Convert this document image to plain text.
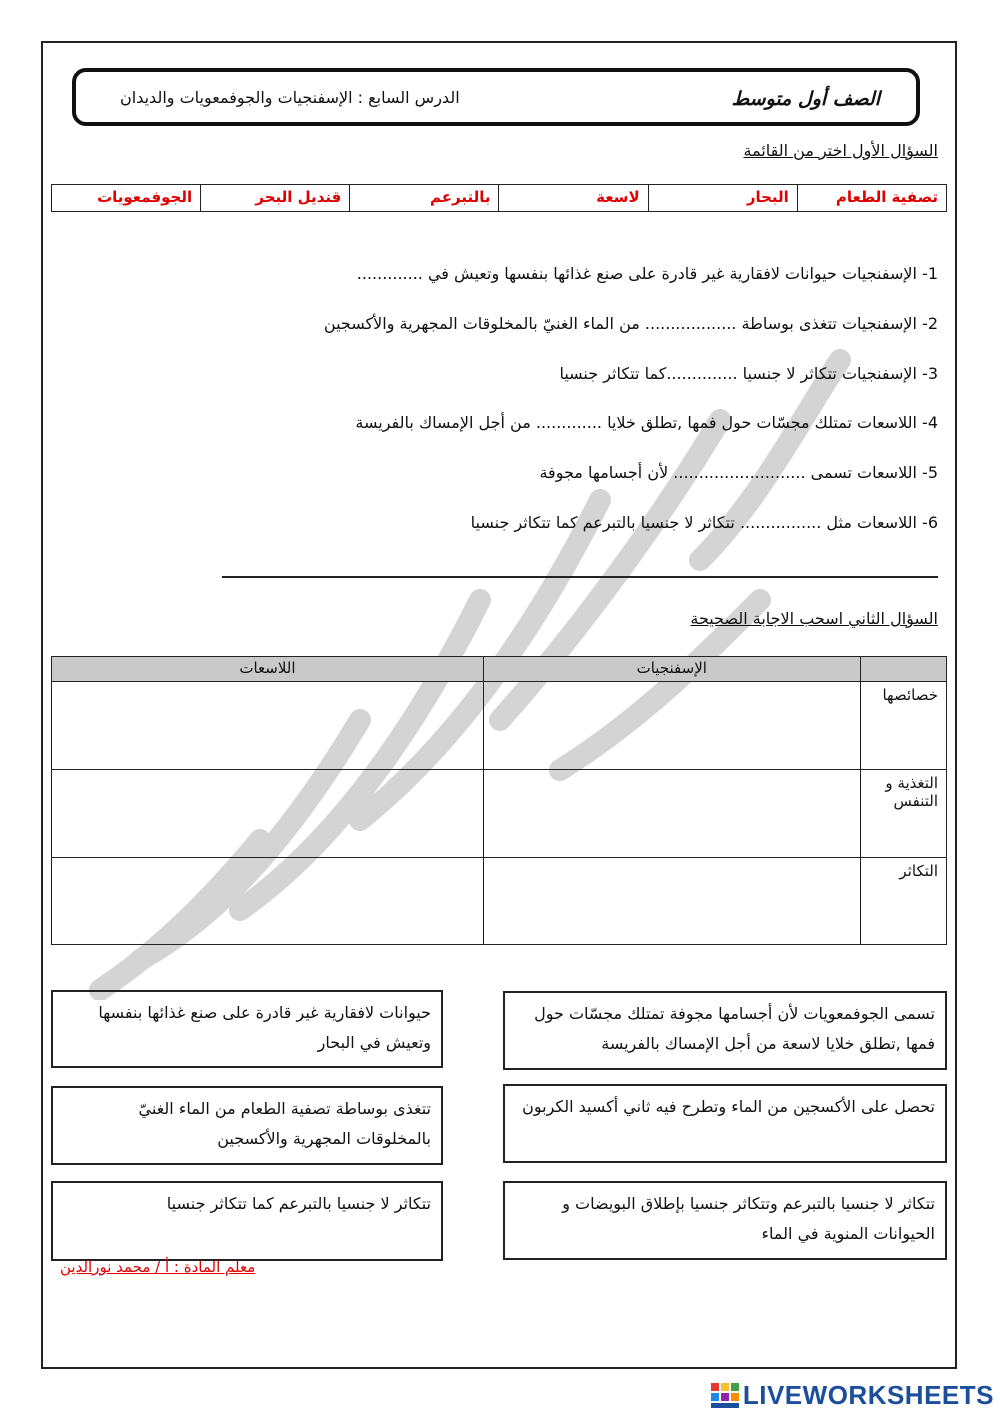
الصف أول متوسط
الدرس السابع : الإسفنجيات والجوفمعويات والديدان
السؤال الأول اختر من القائمة
تصفية الطعام
البحار
لاسعة
بالتبرعم
قنديل البحر
الجوفمعويات
1- الإسفنجيات حيوانات لافقارية غير قادرة على صنع غذائها بنفسها وتعيش في .............
2- الإسفنجيات تتغذى بوساطة .................. من الماء الغنيّ بالمخلوقات المجهرية والأكسجين
3- الإسفنجيات تتكاثر لا جنسيا ..............كما تتكاثر جنسيا
4- اللاسعات تمتلك مجسّات حول فمها ,تطلق خلايا ............. من أجل الإمساك بالفريسة
5- اللاسعات تسمى .......................... لأن أجسامها مجوفة
6- اللاسعات مثل ................ تتكاثر لا جنسيا بالتبرعم كما تتكاثر جنسيا
السؤال الثاني اسحب الاجابة الصحيحة
	الإسفنجيات	اللاسعات
خصائصها		
التغذية و التنفس		
التكاثر		
حيوانات لافقارية غير قادرة على صنع غذائها بنفسها وتعيش في البحار
تتغذى بوساطة تصفية الطعام من الماء الغنيّ بالمخلوقات المجهرية والأكسجين
تتكاثر لا جنسيا بالتبرعم كما تتكاثر جنسيا
تسمى الجوفمعويات لأن أجسامها مجوفة تمتلك مجسّات حول فمها ,تطلق خلايا لاسعة من أجل الإمساك بالفريسة
تحصل على الأكسجين من الماء وتطرح فيه ثاني أكسيد الكربون
تتكاثر لا جنسيا بالتبرعم وتتكاثر جنسيا بإطلاق البويضات و الحيوانات المنوية في الماء
معلم المادة : أ / محمد نورالدين
LIVEWORKSHEETS
